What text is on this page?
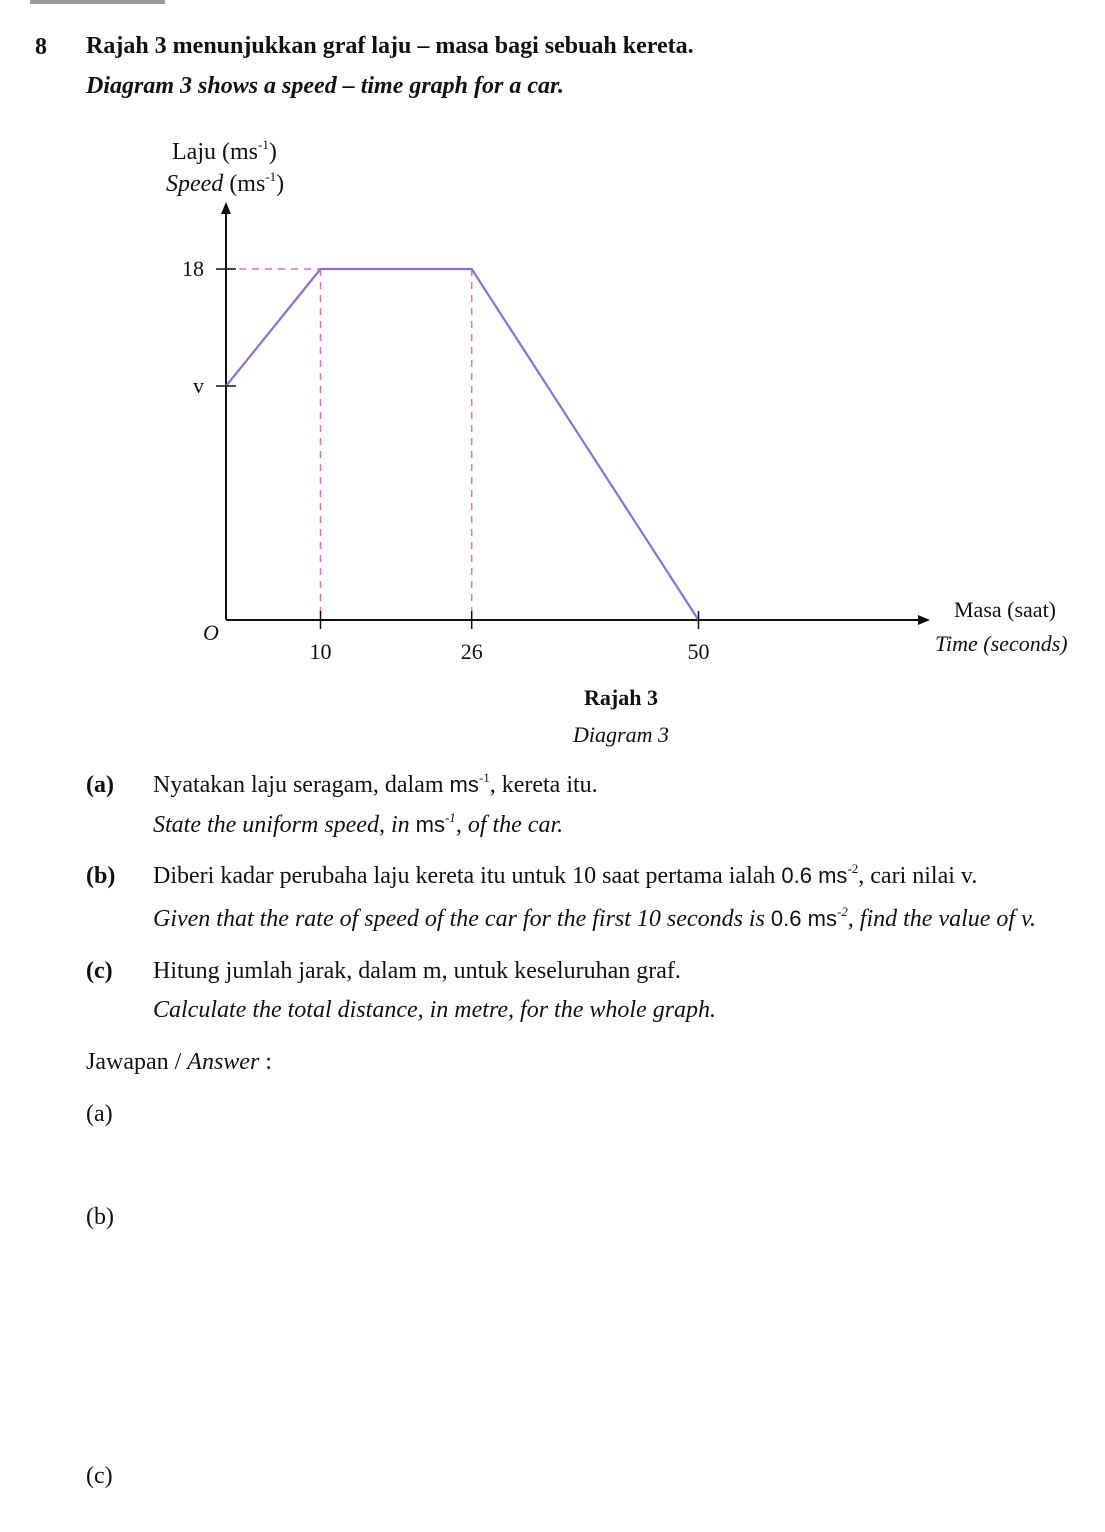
8 Rajah 3 menunjukkan graf laju – masa bagi sebuah kereta.
Diagram 3 shows a speed – time graph for a car.
Laju $(ms^{-1})$
Speed $(ms^{-1})$
10	26	50
18
v
O
Masa (saat)
Time (seconds)
Rajah 3
Diagram 3
(a) Nyatakan laju seragam, dalam $ms^{-1}$, kereta itu.
State the uniform speed, in $ms^{-1}$, of the car.
(b) Diberi kadar perubaha laju kereta itu untuk 10 saat pertama ialah 0.6 $ms^{-2}$, cari nilai v.
Given that the rate of speed of the car for the first 10 seconds is 0.6 $ms^{-2}$, find the value of v.
(c) Hitung jumlah jarak, dalam m, untuk keseluruhan graf.
Calculate the total distance, in metre, for the whole graph.
Jawapan / Answer :
(a)
(b)
(c)
